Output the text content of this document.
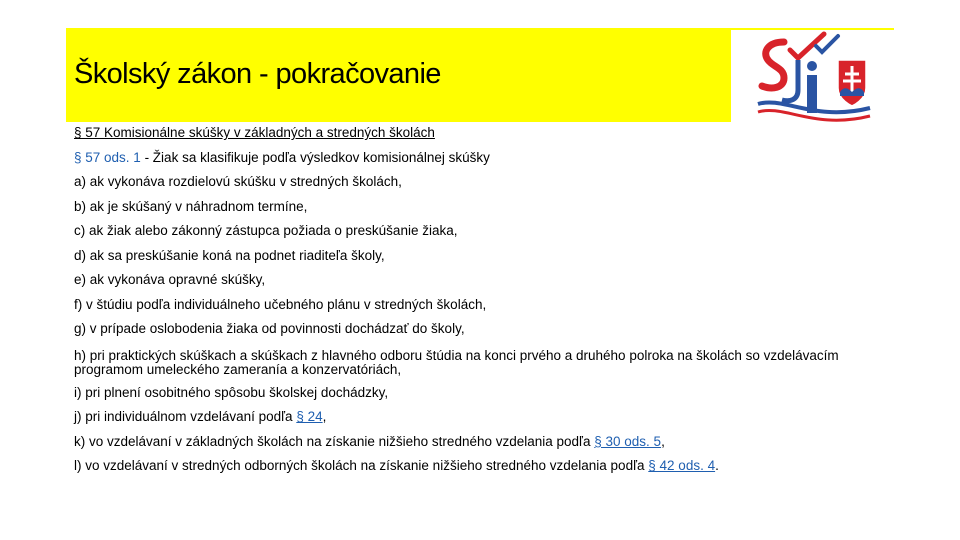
Školský zákon - pokračovanie
§ 57 Komisionálne skúšky v základných a stredných školách
§ 57 ods. 1 - Žiak sa klasifikuje podľa výsledkov komisionálnej skúšky
a) ak vykonáva rozdielovú skúšku v stredných školách,
b) ak je skúšaný v náhradnom termíne,
c) ak žiak alebo zákonný zástupca požiada o preskúšanie žiaka,
d) ak sa preskúšanie koná na podnet riaditeľa školy,
e) ak vykonáva opravné skúšky,
f) v štúdiu podľa individuálneho učebného plánu v stredných školách,
g) v prípade oslobodenia žiaka od povinnosti dochádzať do školy,
h) pri praktických skúškach a skúškach z hlavného odboru štúdia na konci prvého a druhého polroka na školách so vzdelávacím programom umeleckého zameranía a konzervatóriách,
i) pri plnení osobitného spôsobu školskej dochádzky,
j) pri individuálnom vzdelávaní podľa § 24,
k) vo vzdelávaní v základných školách na získanie nižšieho stredného vzdelania podľa § 30 ods. 5,
l) vo vzdelávaní v stredných odborných školách na získanie nižšieho stredného vzdelania podľa § 42 ods. 4.
